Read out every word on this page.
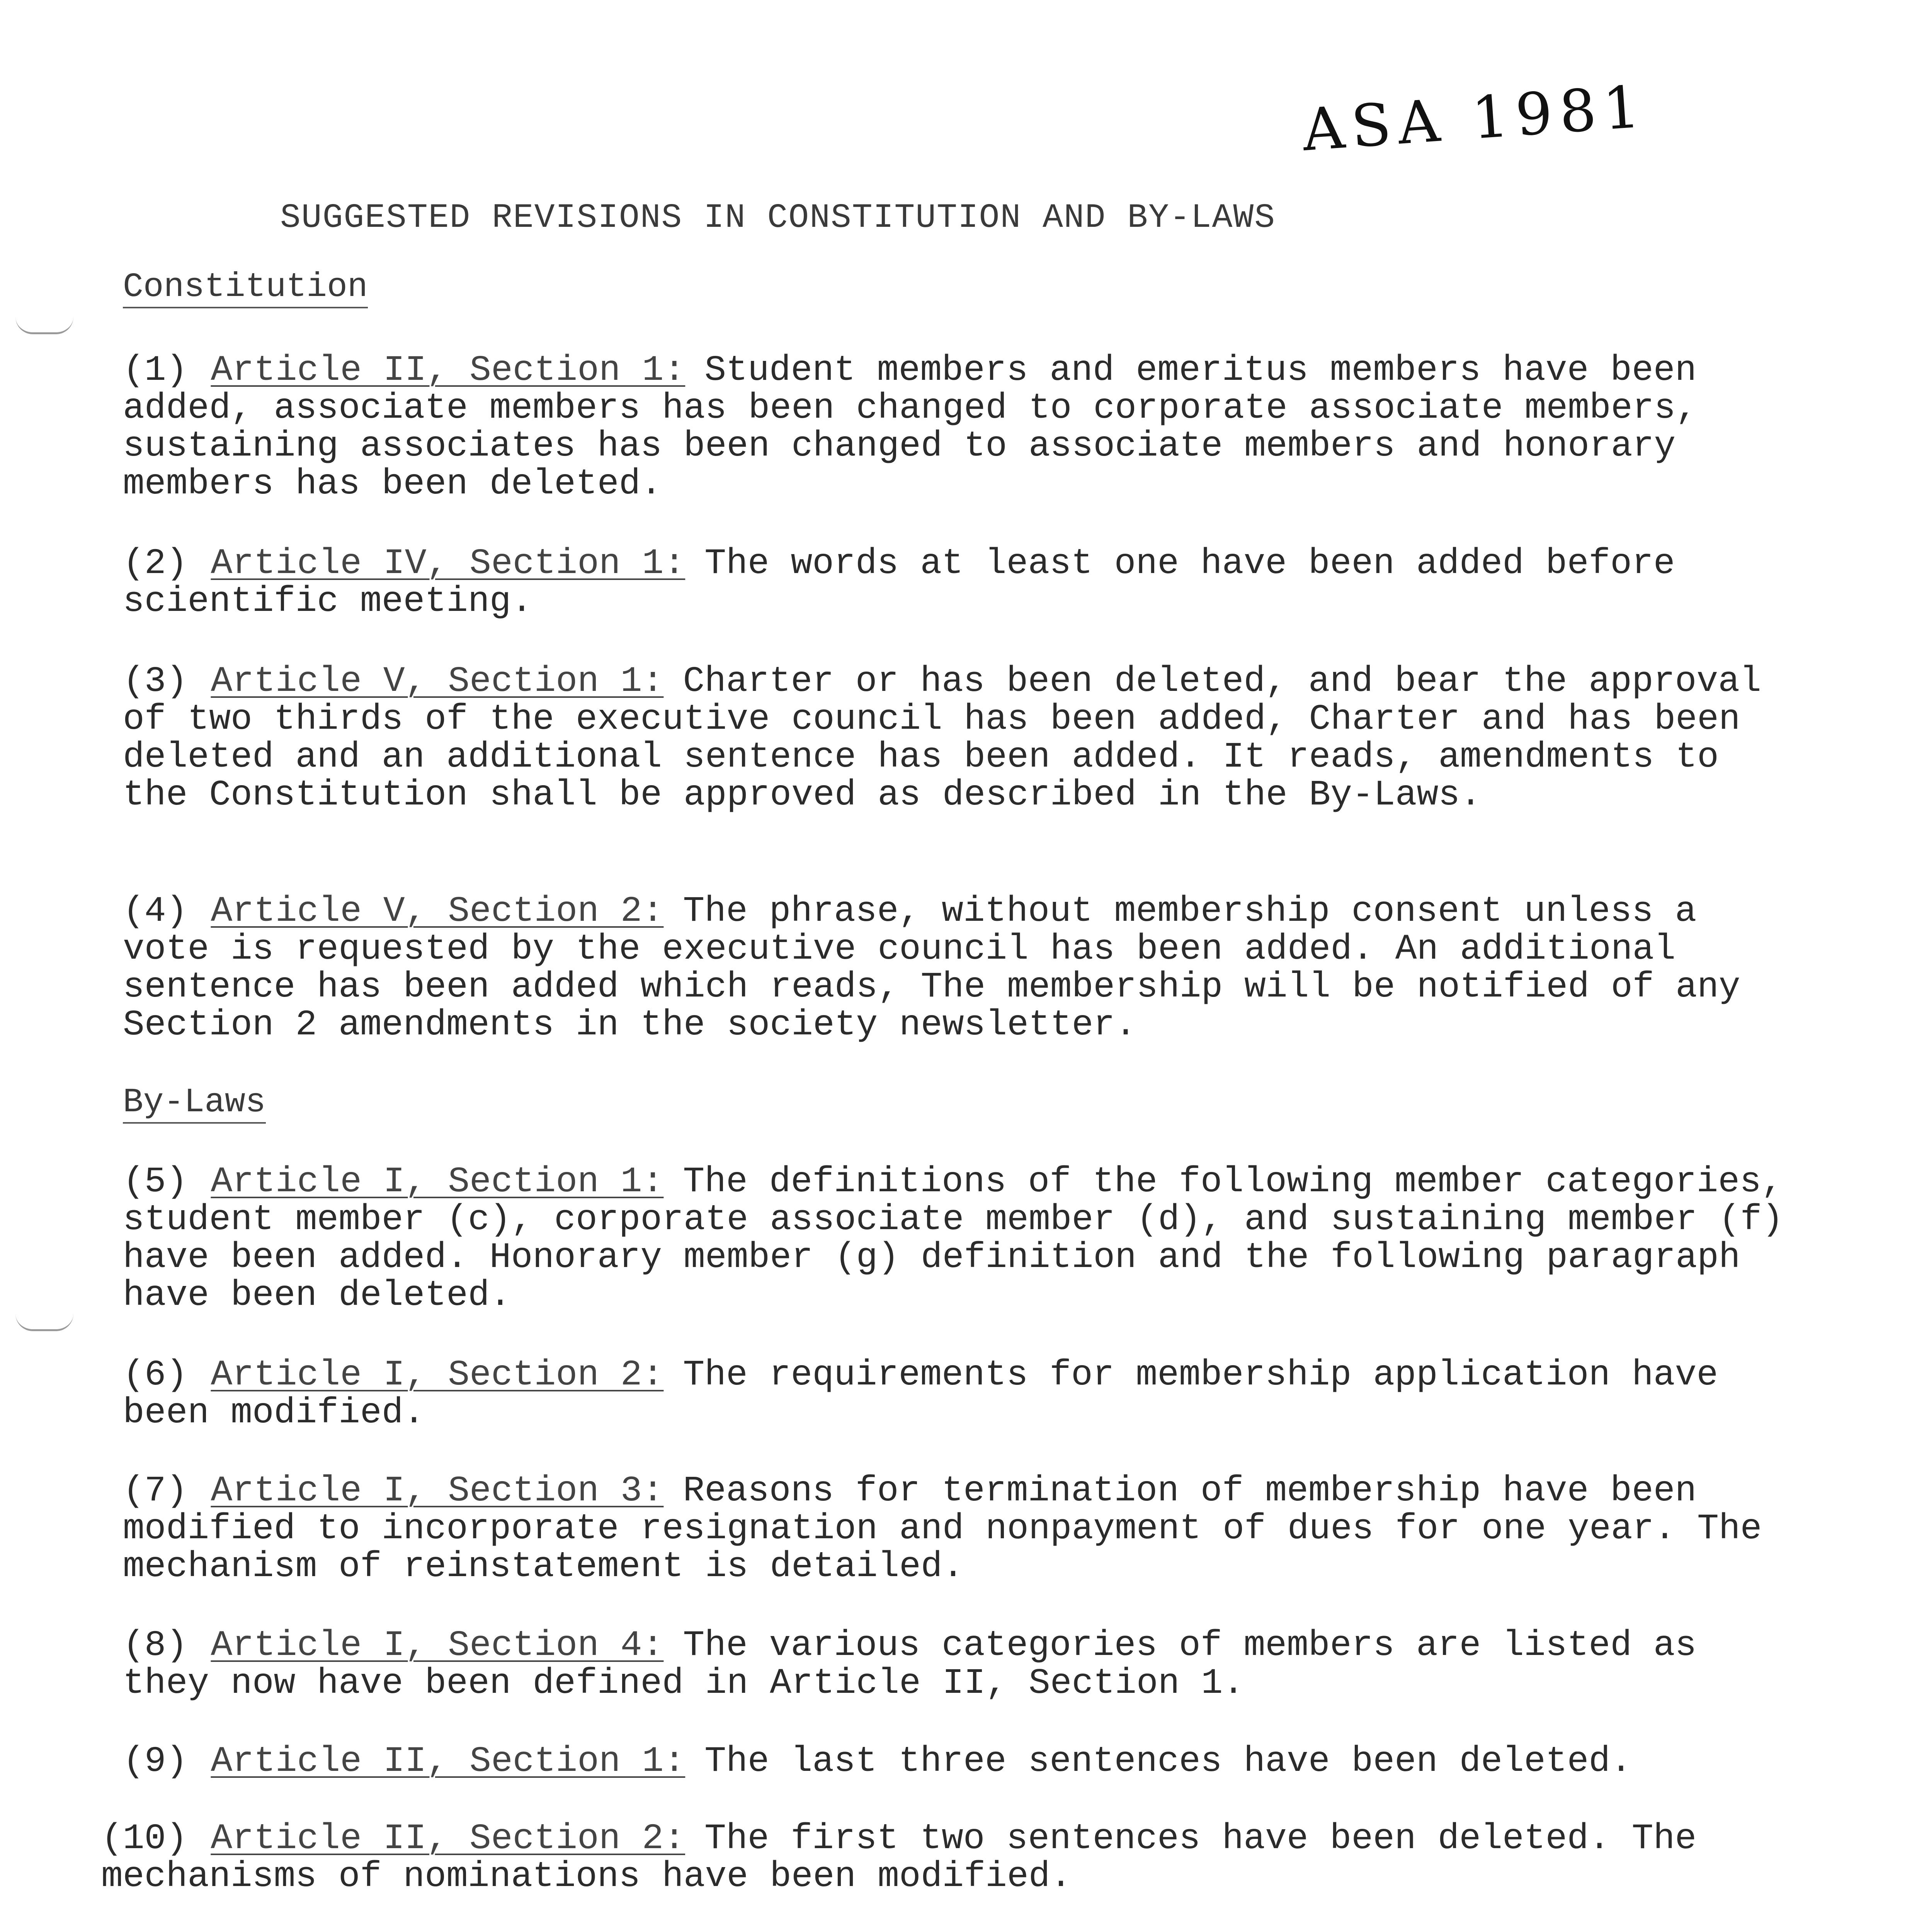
ASA 1981
SUGGESTED REVISIONS IN CONSTITUTION AND BY-LAWS
Constitution
(1) Article II, Section 1: Student members and emeritus members have been added, associate members has been changed to corporate associate members, sustaining associates has been changed to associate members and honorary members has been deleted.
(2) Article IV, Section 1: The words at least one have been added before scientific meeting.
(3) Article V, Section 1: Charter or has been deleted, and bear the approval of two thirds of the executive council has been added, Charter and has been deleted and an additional sentence has been added. It reads, amendments to the Constitution shall be approved as described in the By-Laws.
(4) Article V, Section 2: The phrase, without membership consent unless a vote is requested by the executive council has been added. An additional sentence has been added which reads, The membership will be notified of any Section 2 amendments in the society newsletter.
By-Laws
(5) Article I, Section 1: The definitions of the following member categories, student member (c), corporate associate member (d), and sustaining member (f) have been added. Honorary member (g) definition and the following paragraph have been deleted.
(6) Article I, Section 2: The requirements for membership application have been modified.
(7) Article I, Section 3: Reasons for termination of membership have been modified to incorporate resignation and nonpayment of dues for one year. The mechanism of reinstatement is detailed.
(8) Article I, Section 4: The various categories of members are listed as they now have been defined in Article II, Section 1.
(9) Article II, Section 1: The last three sentences have been deleted.
(10) Article II, Section 2: The first two sentences have been deleted. The mechanisms of nominations have been modified.
